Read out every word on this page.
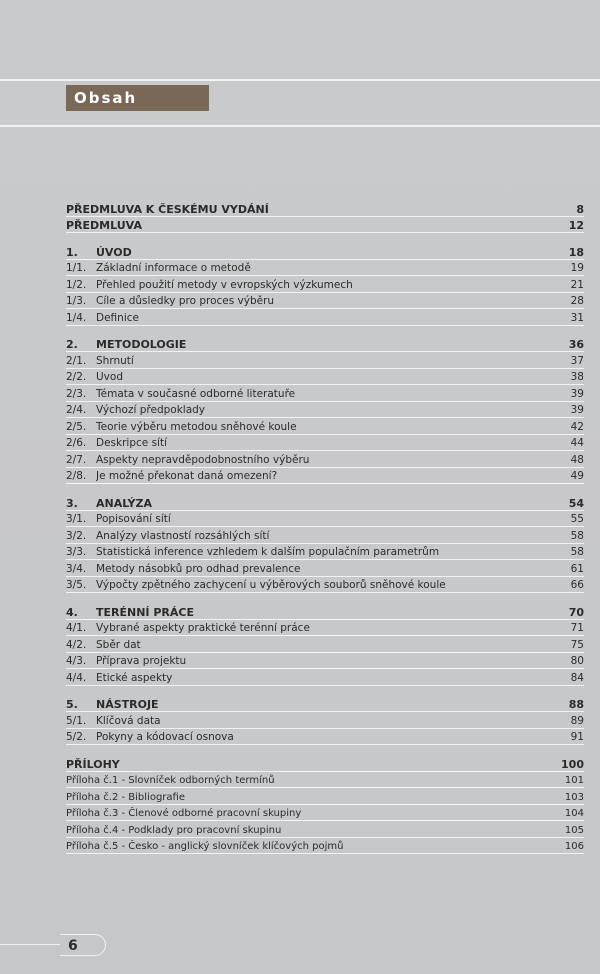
Obsah
PŘEDMLUVA K ČESKÉMU VYDÁNÍ	8
PŘEDMLUVA	12
1.	ÚVOD	18
1/1. Základní informace o metodě	19
1/2. Přehled použití metody v evropských výzkumech	21
1/3. Cíle a důsledky pro proces výběru	28
1/4. Definice	31
2.	METODOLOGIE	36
2/1. Shrnutí	37
2/2. Úvod	38
2/3. Témata v současné odborné literatuře	39
2/4. Výchozí předpoklady	39
2/5. Teorie výběru metodou sněhové koule	42
2/6. Deskripce sítí	44
2/7. Aspekty nepravděpodobnostního výběru	48
2/8. Je možné překonat daná omezení?	49
3.	ANALÝZA	54
3/1. Popisování sítí	55
3/2. Analýzy vlastností rozsáhlých sítí	58
3/3. Statistická inference vzhledem k dalším populačním parametrům	58
3/4. Metody násobků pro odhad prevalence	61
3/5. Výpočty zpětného zachycení u výběrových souborů sněhové koule	66
4.	TERÉNNÍ PRÁCE	70
4/1. Vybrané aspekty praktické terénní práce	71
4/2. Sběr dat	75
4/3. Příprava projektu	80
4/4. Etické aspekty	84
5.	NÁSTROJE	88
5/1. Klíčová data	89
5/2. Pokyny a kódovací osnova	91
PŘÍLOHY	100
Příloha č.1 - Slovníček odborných termínů	101
Příloha č.2 - Bibliografie	103
Příloha č.3 - Členové odborné pracovní skupiny	104
Příloha č.4 - Podklady pro pracovní skupinu	105
Příloha č.5 - Česko - anglický slovníček klíčových pojmů	106
6
